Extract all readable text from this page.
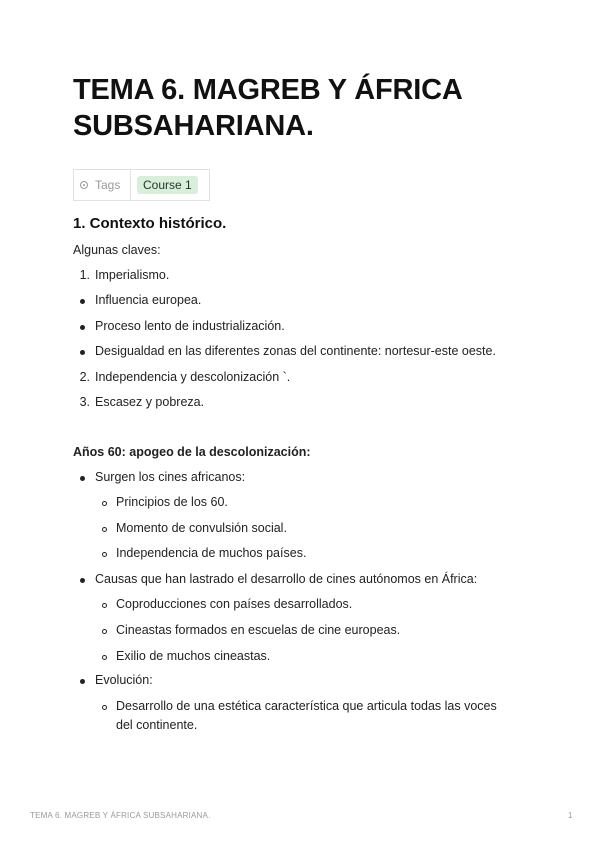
TEMA 6. MAGREB Y ÁFRICA SUBSAHARIANA.
Tags	Course 1
1. Contexto histórico.

Algunas claves:

1. Imperialismo.
Influencia europea.
Proceso lento de industrialización.
Desigualdad en las diferentes zonas del continente: nortesur-este oeste.
2. Independencia y descolonización `.
3. Escasez y pobreza.

Años 60: apogeo de la descolonización:

Surgen los cines africanos:
Principios de los 60.
Momento de convulsión social.
Independencia de muchos países.
Causas que han lastrado el desarrollo de cines autónomos en África:
Coproducciones con países desarrollados.
Cineastas formados en escuelas de cine europeas.
Exilio de muchos cineastas.
Evolución:
Desarrollo de una estética característica que articula todas las voces
del continente.
TEMA 6. MAGREB Y ÁFRICA SUBSAHARIANA.	1
